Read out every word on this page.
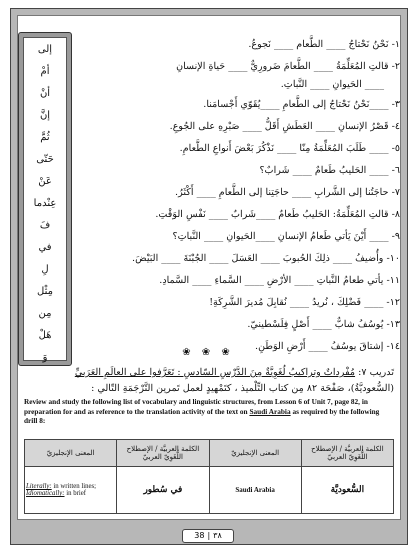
إلى
أمْ
أنْ
إنَّ
ثُمَّ
حَتّى
عَنْ
عِنْدما
فَ
في
لِ
مِثْل
مِن
هَلْ
وَ
١- نَحْنُ نَحْتاجُ ____ الطَّعام ____ نَجوعُ.
٢- قالتِ المُعَلِّمَةُ ____ الطَّعامَ ضَرورِيٌّ ____ حَياةِ الإنسانِ
____ الحَيوانِ ____ النَّباتِ.
٣- ____نَحْنُ نَحْتاجُ إلى الطَّعامِ ____يُقَوّي أَجْسامَنا.
٤- قَصْرُ الإنسانِ ____ العَطَشِ أَقَلُّ ____ صَبْرِهِ على الجُوعِ.
٥- ____ طَلَبَ المُعَلِّمَةُ مِنّا ____ نَذْكُرَ بَعْضَ أَنواعِ الطَّعامِ.
٦- ____ الحَليبُ طَعامٌ ____ شَرابٌ؟
٧- حاجَتُنا إلى الشَّرابِ ____ حاجَتِنا إلى الطَّعامِ ____ أَكْثَرُ.
٨- قالتِ المُعَلِّمَةُ: الحَليبُ طَعامٌ ____شَرابٌ ____ نَفْسِ الوَقْتِ.
٩- ____ أَيْنَ يَأتي طَعامُ الإنسانِ ____الحَيوانِ ____ النَّباتِ؟
١٠- وأُضيفُ ____ ذلِكَ الحُبوبَ ____ العَسَلَ ____ الجُبْنَةَ ____ البَيْضَ.
١١- يأتي طعامُ النَّباتِ ____ الأرْضِ ____ السَّماءِ ____ السَّمادِ.
١٢- ____ فَضْلِكَ ، نُريدُ ____ نُقابِلَ مُديرَ الشَّرِكَةِ!
١٣- يُوسُفُ شابٌّ ____ أَصْلٍ فِلَسْطينيّ.
١٤- إشتاقَ يوسُفُ ____ أَرْضِ الوَطَنِ.
❀ ❀ ❀
تَدريب ٧: مُفْرداتٌ وتراكيبُ لُغَوِيَّةٌ مِنَ الدَّرْسِ السّادسِ : تَعَرَّفوا على العالَمِ العَرَبيِّ
(السُّعوديَّةُ)، صَفْحَة ٨٢ مِن كتاب التِّلْميذ ، كتَمْهيدٍ لعمل تَمرين التَّرْجَمَةِ التّالي :
Review and study the following list of vocabulary and linguistic structures, from Lesson 6 of Unit 7, page 82, in preparation for and as reference to the translation activity of the text on Saudi Arabia as required by the following drill 8:
المعنى الإنجليزيّ	الكلمة العربيَّة / الإصطلاح اللُّغَوِيّ العربيّ	المعنى الإنجليزيّ	الكلمة العربيَّة / الإصطلاح اللُّغَوِيّ العربيّ
Literally: in written lines; Idiomatically: in brief	في سُطور	Saudi Arabia	السُّعوديَّة
38 | ٣٨
